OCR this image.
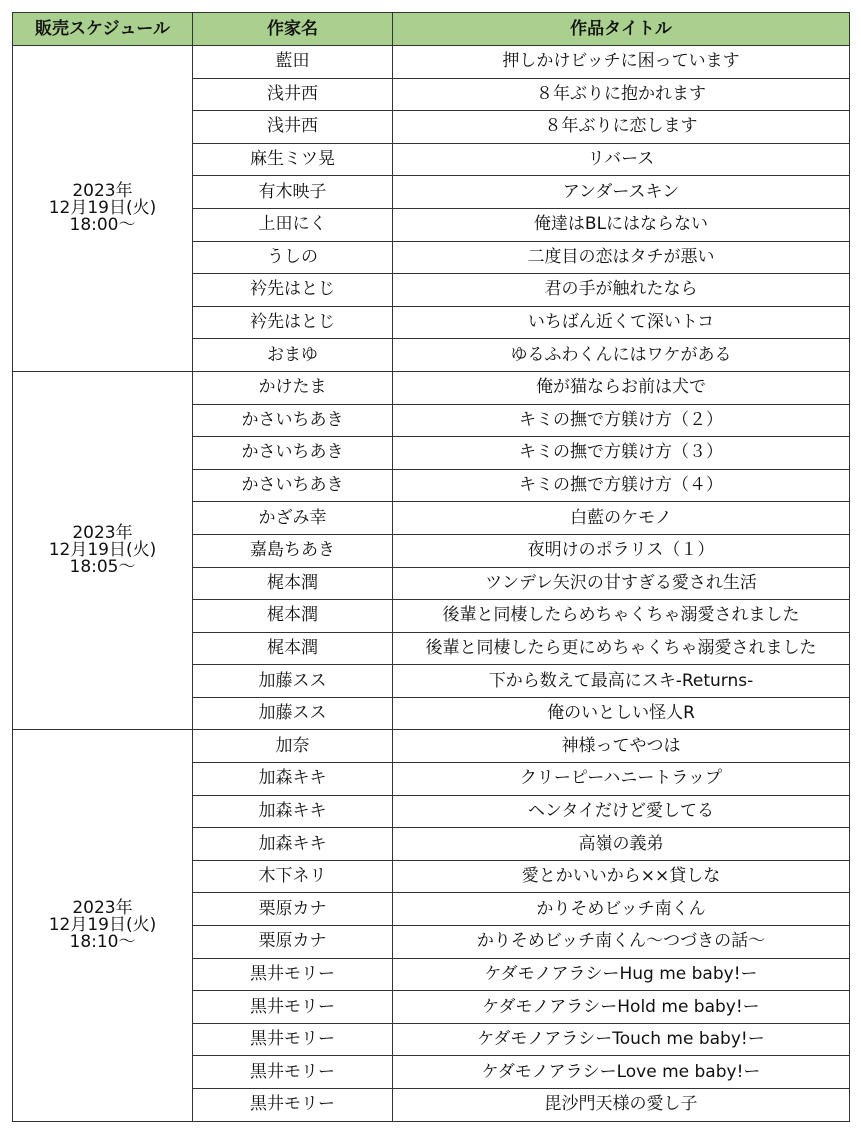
販売スケジュール	作家名	作品タイトル

2023年
12月19日(火)
18:00～	藍田	押しかけビッチに困っています
	浅井西	８年ぶりに抱かれます
	浅井西	８年ぶりに恋します
	麻生ミツ晃	リバース
	有木映子	アンダースキン
	上田にく	俺達はBLにはならない
	うしの	二度目の恋はタチが悪い
	衿先はとじ	君の手が触れたなら
	衿先はとじ	いちばん近くて深いトコ
	おまゆ	ゆるふわくんにはワケがある

2023年
12月19日(火)
18:05～	かけたま	俺が猫ならお前は犬で
	かさいちあき	キミの撫で方躾け方（２）
	かさいちあき	キミの撫で方躾け方（３）
	かさいちあき	キミの撫で方躾け方（４）
	かざみ幸	白藍のケモノ
	嘉島ちあき	夜明けのポラリス（１）
	梶本潤	ツンデレ矢沢の甘すぎる愛され生活
	梶本潤	後輩と同棲したらめちゃくちゃ溺愛されました
	梶本潤	後輩と同棲したら更にめちゃくちゃ溺愛されました
	加藤スス	下から数えて最高にスキ-Returns-
	加藤スス	俺のいとしい怪人R

2023年
12月19日(火)
18:10～	加奈	神様ってやつは
	加森キキ	クリーピーハニートラップ
	加森キキ	ヘンタイだけど愛してる
	加森キキ	高嶺の義弟
	木下ネリ	愛とかいいから××貸しな
	栗原カナ	かりそめビッチ南くん
	栗原カナ	かりそめビッチ南くん～つづきの話～
	黒井モリー	ケダモノアラシーHug me baby!ー
	黒井モリー	ケダモノアラシーHold me baby!ー
	黒井モリー	ケダモノアラシーTouch me baby!ー
	黒井モリー	ケダモノアラシーLove me baby!ー
	黒井モリー	毘沙門天様の愛し子
